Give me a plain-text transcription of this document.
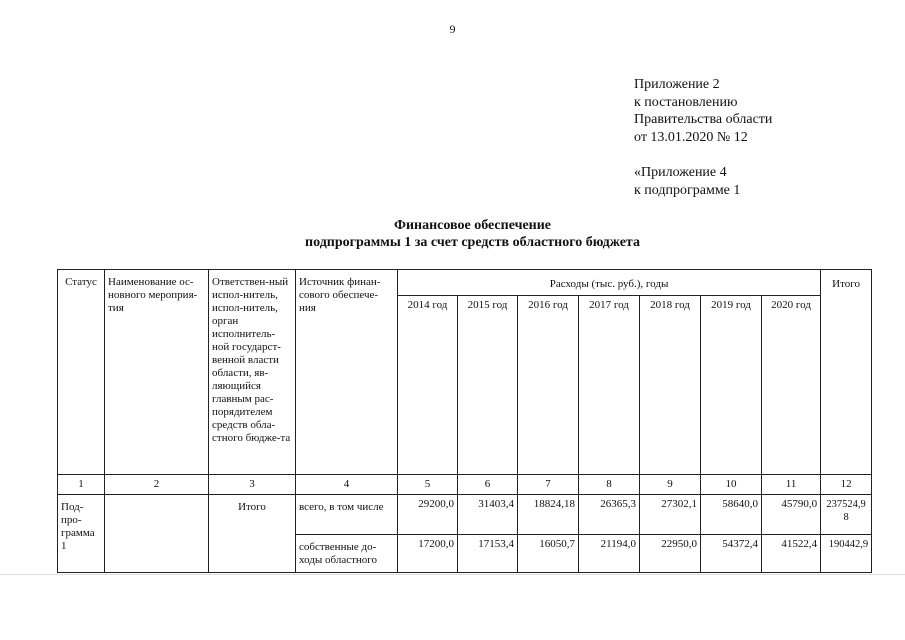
9

Приложение 2

к постановлению

Правительства области

от 13.01.2020 № 12

«Приложение 4

к подпрограмме 1

Финансовое обеспечение
подпрограммы 1 за счет средств областного бюджета
Статус	Наименование ос-новного мероприя-тия	Ответствен-ный испол-нитель, испол-нитель, орган исполнитель-ной государст-венной власти области, яв-ляющийся главным рас-порядителем средств обла-стного бюдже-та	Источник финан-сового обеспече-ния	Расходы (тыс. руб.), годы							Итого
				2014 год	2015 год	2016 год	2017 год	2018 год	2019 год	2020 год	
1	2	3	4	5	6	7	8	9	10	11	12
Под-про-грамма 1		Итого	всего, в том числе	29200,0	31403,4	18824,18	26365,3	27302,1	58640,0	45790,0	237524,98
			собственные до-ходы областного	17200,0	17153,4	16050,7	21194,0	22950,0	54372,4	41522,4	190442,9
